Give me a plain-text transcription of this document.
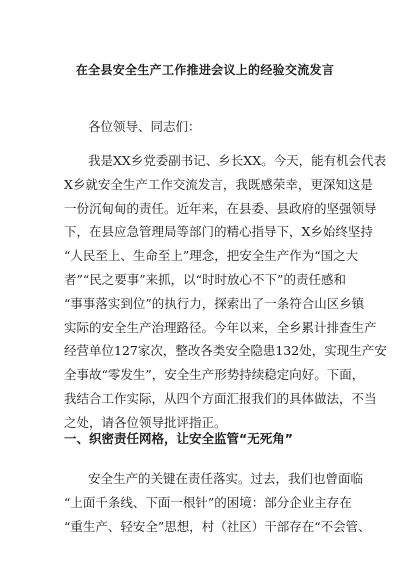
在全县安全生产工作推进会议上的经验交流发言

各位领导、同志们：

我是XX乡党委副书记、乡长XX。今天，能有机会代表
X乡就安全生产工作交流发言，我既感荣幸，更深知这是
一份沉甸甸的责任。近年来，在县委、县政府的坚强领导
下，在县应急管理局等部门的精心指导下，X乡始终坚持
“人民至上、生命至上”理念，把安全生产作为“国之大
者”“民之要事”来抓，以“时时放心不下”的责任感和
“事事落实到位”的执行力，探索出了一条符合山区乡镇
实际的安全生产治理路径。今年以来，全乡累计排查生产
经营单位127家次，整改各类安全隐患132处，实现生产安
全事故“零发生”，安全生产形势持续稳定向好。下面，
我结合工作实际，从四个方面汇报我们的具体做法，不当
之处，请各位领导批评指正。
一、织密责任网格，让安全监管“无死角”
安全生产的关键在责任落实。过去，我们也曾面临
“上面千条线、下面一根针”的困境：部分企业主存在
“重生产、轻安全”思想，村（社区）干部存在“不会管、
